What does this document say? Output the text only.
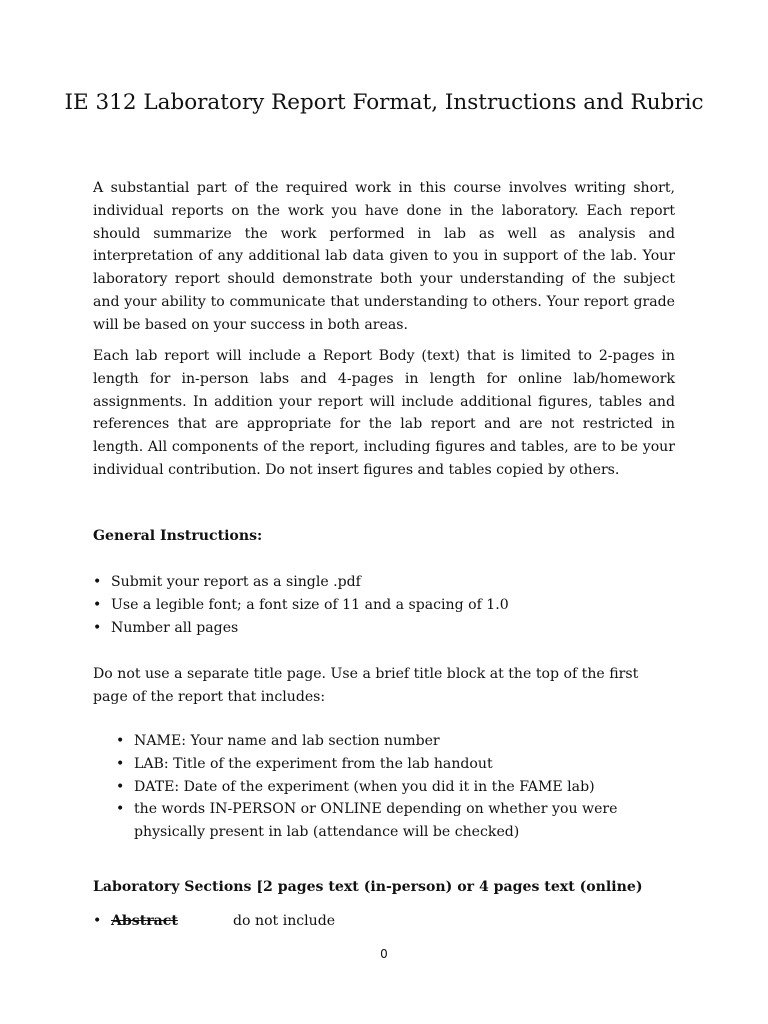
IE 312 Laboratory Report Format, Instructions and Rubric

A substantial part of the required work in this course involves writing short, individual reports on the work you have done in the laboratory. Each report should summarize the work performed in lab as well as analysis and interpretation of any additional lab data given to you in support of the lab. Your laboratory report should demonstrate both your understanding of the subject and your ability to communicate that understanding to others. Your report grade will be based on your success in both areas.

Each lab report will include a Report Body (text) that is limited to 2-pages in length for in-person labs and 4-pages in length for online lab/homework assignments. In addition your report will include additional figures, tables and references that are appropriate for the lab report and are not restricted in length. All components of the report, including figures and tables, are to be your individual contribution. Do not insert figures and tables copied by others.

General Instructions:

• Submit your report as a single .pdf
• Use a legible font; a font size of 11 and a spacing of 1.0
• Number all pages

Do not use a separate title page. Use a brief title block at the top of the first page of the report that includes:

• NAME: Your name and lab section number
• LAB: Title of the experiment from the lab handout
• DATE: Date of the experiment (when you did it in the FAME lab)
• the words IN-PERSON or ONLINE depending on whether you were physically present in lab (attendance will be checked)

Laboratory Sections [2 pages text (in-person) or 4 pages text (online)

• Abstract	do not include
0
